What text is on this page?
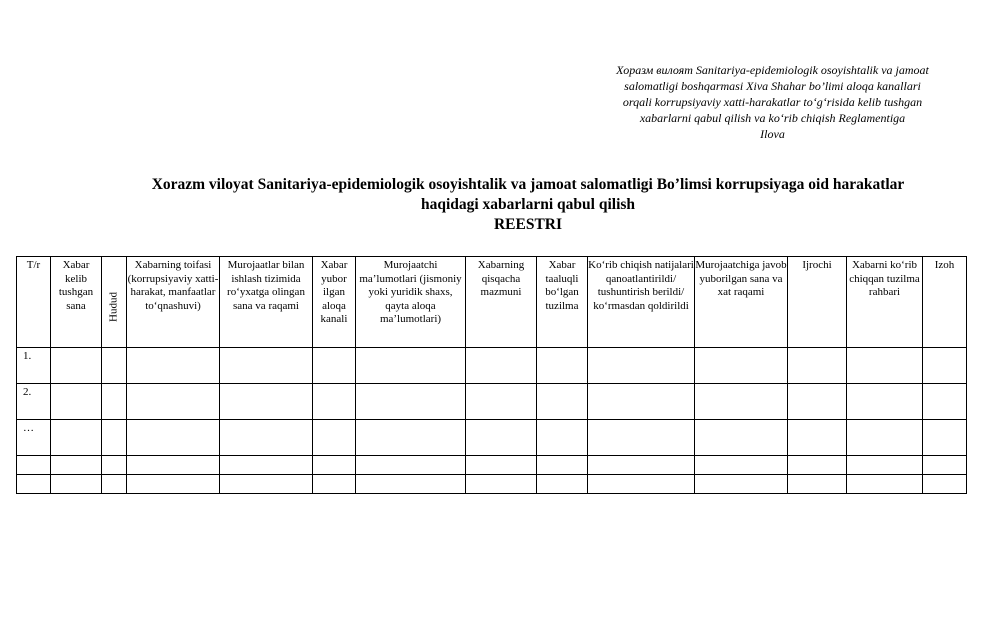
Хоразм вилоят Sanitariya-epidemiologik osoyishtalik va jamoat
salomatligi boshqarmasi Xiva Shahar bo’limi aloqa kanallari
orqali korrupsiyaviy xatti-harakatlar to‘g‘risida kelib tushgan
xabarlarni qabul qilish va ko‘rib chiqish Reglamentiga
Ilova
Xorazm viloyat Sanitariya-epidemiologik osoyishtalik va jamoat salomatligi Bo’limsi korrupsiyaga oid harakatlar
haqidagi xabarlarni qabul qilish
REESTRI
T/r	Xabar kelib tushgan sana	Hudud	Xabarning toifasi (korrupsiyaviy xatti-harakat, manfaatlar to‘qnashuvi)	Murojaatlar bilan ishlash tizimida ro‘yxatga olingan sana va raqami	Xabar yubor ilgan aloqa kanali	Murojaatchi ma’lumotlari (jismoniy yoki yuridik shaxs, qayta aloqa ma’lumotlari)	Xabarning qisqacha mazmuni	Xabar taaluqli bo‘lgan tuzilma	Ko‘rib chiqish natijalari qanoatlantirildi/ tushuntirish berildi/ ko‘rmasdan qoldirildi	Murojaatchiga javob yuborilgan sana va xat raqami	Ijrochi	Xabarni ko‘rib chiqqan tuzilma rahbari	Izoh
1.													
2.													
…													
